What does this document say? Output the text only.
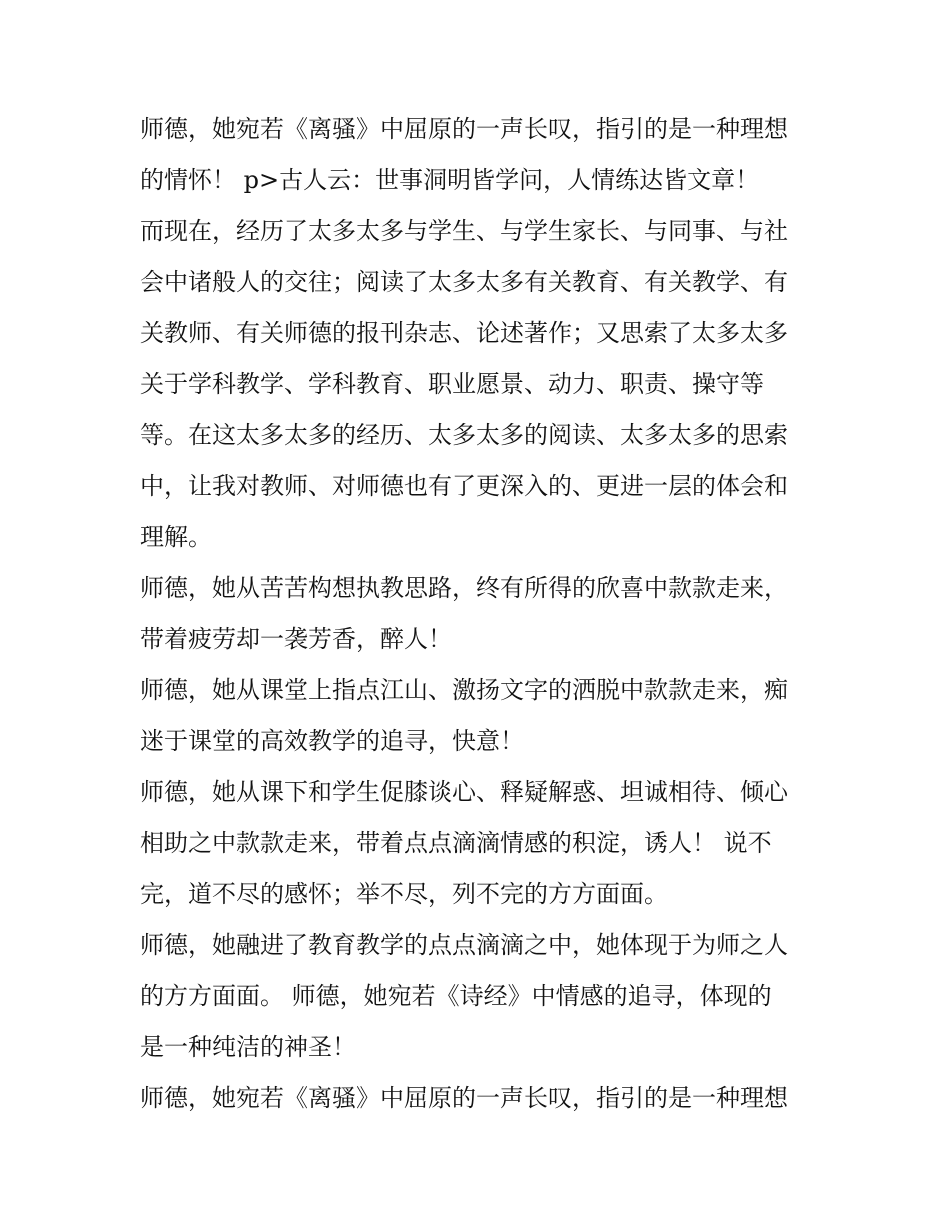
师德，她宛若《离骚》中屈原的一声长叹，指引的是一种理想
的情怀！ p>古人云：世事洞明皆学问，人情练达皆文章！
而现在，经历了太多太多与学生、与学生家长、与同事、与社
会中诸般人的交往；阅读了太多太多有关教育、有关教学、有
关教师、有关师德的报刊杂志、论述著作；又思索了太多太多
关于学科教学、学科教育、职业愿景、动力、职责、操守等
等。在这太多太多的经历、太多太多的阅读、太多太多的思索
中，让我对教师、对师德也有了更深入的、更进一层的体会和
理解。
师德，她从苦苦构想执教思路，终有所得的欣喜中款款走来，
带着疲劳却一袭芳香，醉人！
师德，她从课堂上指点江山、激扬文字的洒脱中款款走来，痴
迷于课堂的高效教学的追寻，快意！
师德，她从课下和学生促膝谈心、释疑解惑、坦诚相待、倾心
相助之中款款走来，带着点点滴滴情感的积淀，诱人！ 说不
完，道不尽的感怀；举不尽，列不完的方方面面。
师德，她融进了教育教学的点点滴滴之中，她体现于为师之人
的方方面面。 师德，她宛若《诗经》中情感的追寻，体现的
是一种纯洁的神圣！
师德，她宛若《离骚》中屈原的一声长叹，指引的是一种理想
